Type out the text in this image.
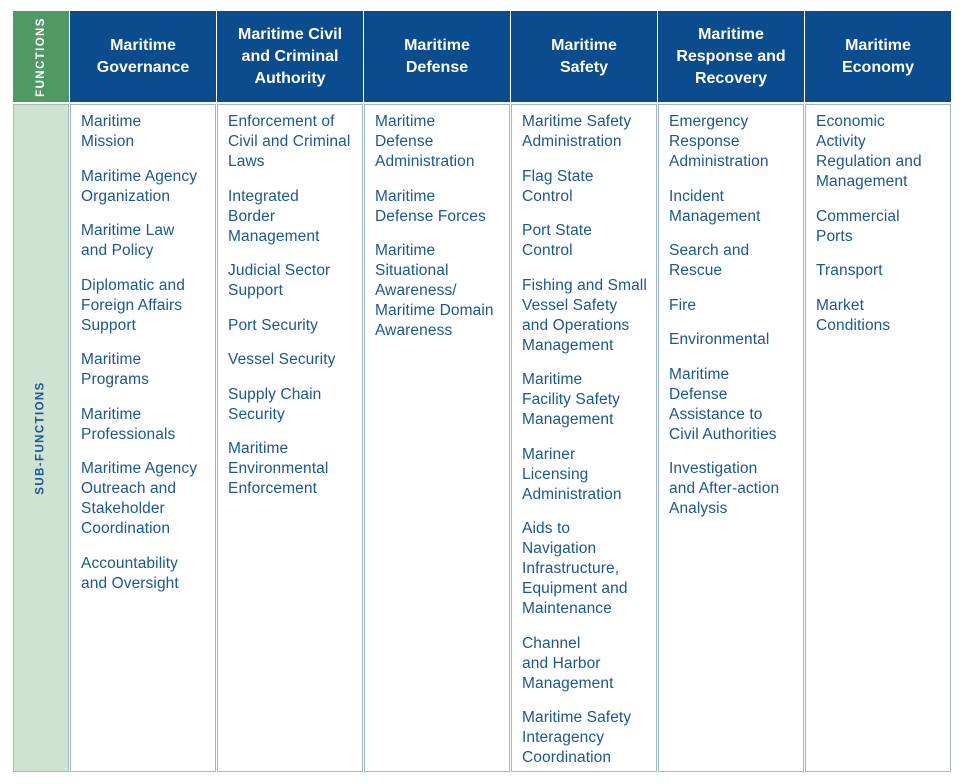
FUNCTIONS
SUB-FUNCTIONS
Maritime
Governance
Maritime
Mission
Maritime Agency
Organization
Maritime Law
and Policy
Diplomatic and
Foreign Affairs
Support
Maritime
Programs
Maritime
Professionals
Maritime Agency
Outreach and
Stakeholder
Coordination
Accountability
and Oversight
Maritime Civil
and Criminal
Authority
Enforcement of
Civil and Criminal
Laws
Integrated
Border
Management
Judicial Sector
Support
Port Security
Vessel Security
Supply Chain
Security
Maritime
Environmental
Enforcement
Maritime
Defense
Maritime
Defense
Administration
Maritime
Defense Forces
Maritime
Situational
Awareness/
Maritime Domain
Awareness
Maritime
Safety
Maritime Safety
Administration
Flag State
Control
Port State
Control
Fishing and Small
Vessel Safety
and Operations
Management
Maritime
Facility Safety
Management
Mariner
Licensing
Administration
Aids to
Navigation
Infrastructure,
Equipment and
Maintenance
Channel
and Harbor
Management
Maritime Safety
Interagency
Coordination
Maritime
Response and
Recovery
Emergency
Response
Administration
Incident
Management
Search and
Rescue
Fire
Environmental
Maritime
Defense
Assistance to
Civil Authorities
Investigation
and After-action
Analysis
Maritime
Economy
Economic
Activity
Regulation and
Management
Commercial
Ports
Transport
Market
Conditions
